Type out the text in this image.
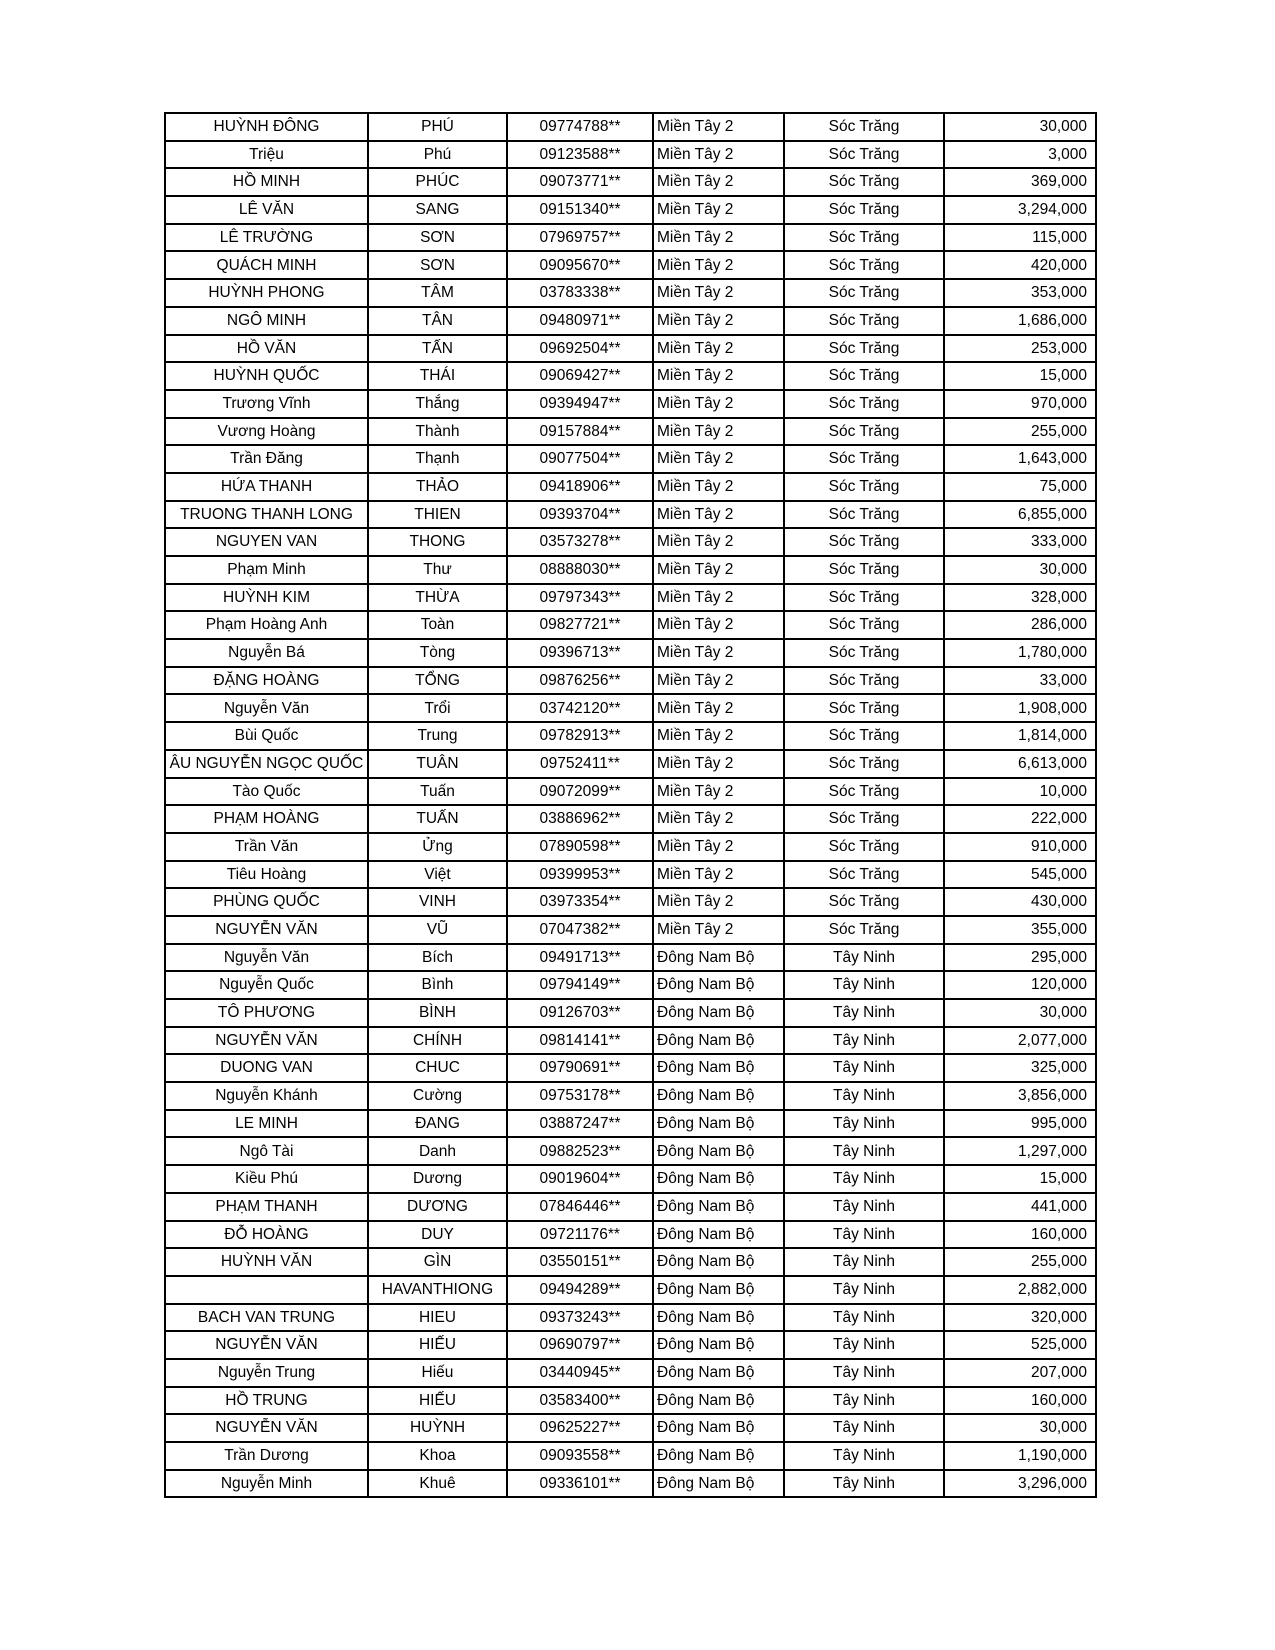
HUỲNH ĐÔNG	PHÚ	09774788**	Miền Tây 2	Sóc Trăng	30,000
Triệu	Phú	09123588**	Miền Tây 2	Sóc Trăng	3,000
HỒ MINH	PHÚC	09073771**	Miền Tây 2	Sóc Trăng	369,000
LÊ VĂN	SANG	09151340**	Miền Tây 2	Sóc Trăng	3,294,000
LÊ TRƯỜNG	SƠN	07969757**	Miền Tây 2	Sóc Trăng	115,000
QUÁCH MINH	SƠN	09095670**	Miền Tây 2	Sóc Trăng	420,000
HUỲNH PHONG	TÂM	03783338**	Miền Tây 2	Sóc Trăng	353,000
NGÔ MINH	TÂN	09480971**	Miền Tây 2	Sóc Trăng	1,686,000
HỒ VĂN	TẤN	09692504**	Miền Tây 2	Sóc Trăng	253,000
HUỲNH QUỐC	THÁI	09069427**	Miền Tây 2	Sóc Trăng	15,000
Trương Vĩnh	Thắng	09394947**	Miền Tây 2	Sóc Trăng	970,000
Vương Hoàng	Thành	09157884**	Miền Tây 2	Sóc Trăng	255,000
Trần Đăng	Thạnh	09077504**	Miền Tây 2	Sóc Trăng	1,643,000
HỨA THANH	THẢO	09418906**	Miền Tây 2	Sóc Trăng	75,000
TRUONG THANH LONG	THIEN	09393704**	Miền Tây 2	Sóc Trăng	6,855,000
NGUYEN VAN	THONG	03573278**	Miền Tây 2	Sóc Trăng	333,000
Phạm Minh	Thư	08888030**	Miền Tây 2	Sóc Trăng	30,000
HUỲNH KIM	THỪA	09797343**	Miền Tây 2	Sóc Trăng	328,000
Phạm Hoàng Anh	Toàn	09827721**	Miền Tây 2	Sóc Trăng	286,000
Nguyễn Bá	Tòng	09396713**	Miền Tây 2	Sóc Trăng	1,780,000
ĐẶNG HOÀNG	TỔNG	09876256**	Miền Tây 2	Sóc Trăng	33,000
Nguyễn Văn	Trổi	03742120**	Miền Tây 2	Sóc Trăng	1,908,000
Bùi Quốc	Trung	09782913**	Miền Tây 2	Sóc Trăng	1,814,000
ÂU NGUYỄN NGỌC QUỐC	TUÂN	09752411**	Miền Tây 2	Sóc Trăng	6,613,000
Tào Quốc	Tuấn	09072099**	Miền Tây 2	Sóc Trăng	10,000
PHẠM HOÀNG	TUẤN	03886962**	Miền Tây 2	Sóc Trăng	222,000
Trần Văn	Ửng	07890598**	Miền Tây 2	Sóc Trăng	910,000
Tiêu Hoàng	Việt	09399953**	Miền Tây 2	Sóc Trăng	545,000
PHÙNG QUỐC	VINH	03973354**	Miền Tây 2	Sóc Trăng	430,000
NGUYỄN VĂN	VŨ	07047382**	Miền Tây 2	Sóc Trăng	355,000
Nguyễn Văn	Bích	09491713**	Đông Nam Bộ	Tây Ninh	295,000
Nguyễn Quốc	Bình	09794149**	Đông Nam Bộ	Tây Ninh	120,000
TÔ PHƯƠNG	BÌNH	09126703**	Đông Nam Bộ	Tây Ninh	30,000
NGUYỄN VĂN	CHÍNH	09814141**	Đông Nam Bộ	Tây Ninh	2,077,000
DUONG VAN	CHUC	09790691**	Đông Nam Bộ	Tây Ninh	325,000
Nguyễn Khánh	Cường	09753178**	Đông Nam Bộ	Tây Ninh	3,856,000
LE MINH	ĐANG	03887247**	Đông Nam Bộ	Tây Ninh	995,000
Ngô Tài	Danh	09882523**	Đông Nam Bộ	Tây Ninh	1,297,000
Kiều Phú	Dương	09019604**	Đông Nam Bộ	Tây Ninh	15,000
PHẠM THANH	DƯƠNG	07846446**	Đông Nam Bộ	Tây Ninh	441,000
ĐỖ HOÀNG	DUY	09721176**	Đông Nam Bộ	Tây Ninh	160,000
HUỲNH VĂN	GÌN	03550151**	Đông Nam Bộ	Tây Ninh	255,000
	HAVANTHIONG	09494289**	Đông Nam Bộ	Tây Ninh	2,882,000
BACH VAN TRUNG	HIEU	09373243**	Đông Nam Bộ	Tây Ninh	320,000
NGUYỄN VĂN	HIẾU	09690797**	Đông Nam Bộ	Tây Ninh	525,000
Nguyễn Trung	Hiếu	03440945**	Đông Nam Bộ	Tây Ninh	207,000
HỒ TRUNG	HIẾU	03583400**	Đông Nam Bộ	Tây Ninh	160,000
NGUYỄN VĂN	HUỲNH	09625227**	Đông Nam Bộ	Tây Ninh	30,000
Trần Dương	Khoa	09093558**	Đông Nam Bộ	Tây Ninh	1,190,000
Nguyễn Minh	Khuê	09336101**	Đông Nam Bộ	Tây Ninh	3,296,000
